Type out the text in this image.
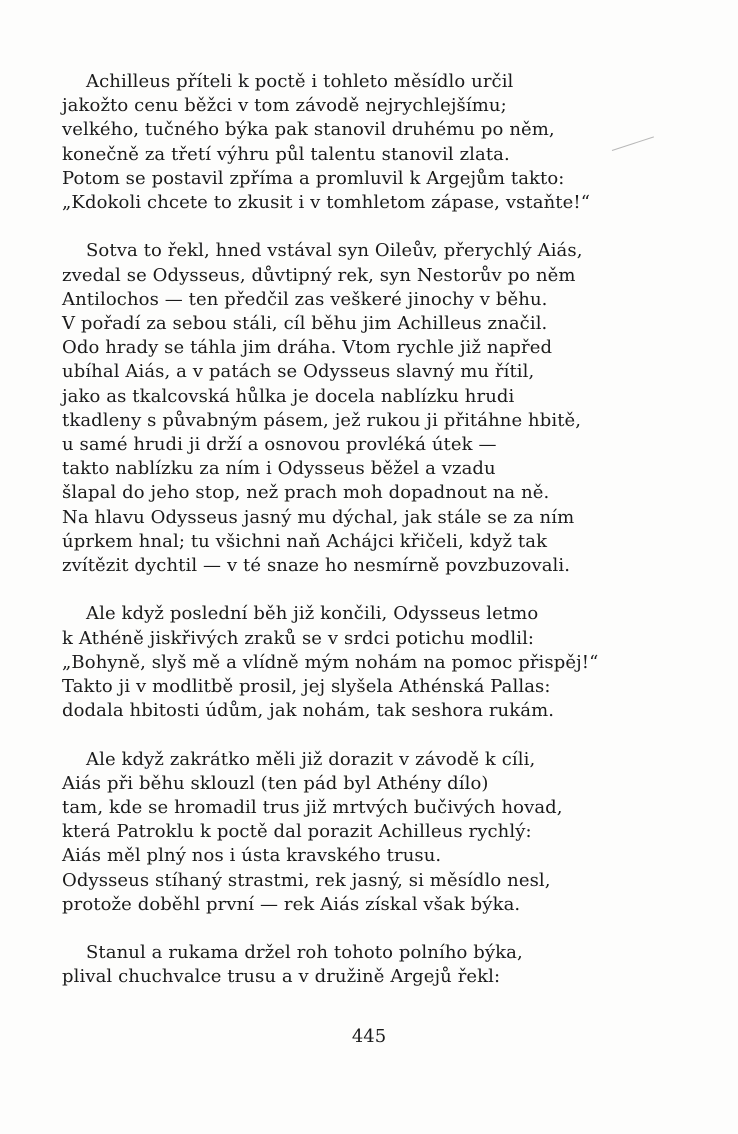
Achilleus příteli k poctě i tohleto měsídlo určil
jakožto cenu běžci v tom závodě nejrychlejšímu;
velkého, tučného býka pak stanovil druhému po něm,
konečně za třetí výhru půl talentu stanovil zlata.
Potom se postavil zpříma a promluvil k Argejům takto:
„Kdokoli chcete to zkusit i v tomhletom zápase, vstaňte!“
Sotva to řekl, hned vstával syn Oileův, přerychlý Aiás,
zvedal se Odysseus, důvtipný rek, syn Nestorův po něm
Antilochos — ten předčil zas veškeré jinochy v běhu.
V pořadí za sebou stáli, cíl běhu jim Achilleus značil.
Odo hrady se táhla jim dráha. Vtom rychle již napřed
ubíhal Aiás, a v patách se Odysseus slavný mu řítil,
jako as tkalcovská hůlka je docela nablízku hrudi
tkadleny s půvabným pásem, jež rukou ji přitáhne hbitě,
u samé hrudi ji drží a osnovou provléká útek —
takto nablízku za ním i Odysseus běžel a vzadu
šlapal do jeho stop, než prach moh dopadnout na ně.
Na hlavu Odysseus jasný mu dýchal, jak stále se za ním
úprkem hnal; tu všichni naň Achájci křičeli, když tak
zvítězit dychtil — v té snaze ho nesmírně povzbuzovali.
Ale když poslední běh již končili, Odysseus letmo
k Athéně jiskřivých zraků se v srdci potichu modlil:
„Bohyně, slyš mě a vlídně mým nohám na pomoc přispěj!“
Takto ji v modlitbě prosil, jej slyšela Athénská Pallas:
dodala hbitosti údům, jak nohám, tak seshora rukám.
Ale když zakrátko měli již dorazit v závodě k cíli,
Aiás při běhu sklouzl (ten pád byl Athény dílo)
tam, kde se hromadil trus již mrtvých bučivých hovad,
která Patroklu k poctě dal porazit Achilleus rychlý:
Aiás měl plný nos i ústa kravského trusu.
Odysseus stíhaný strastmi, rek jasný, si měsídlo nesl,
protože doběhl první — rek Aiás získal však býka.
Stanul a rukama držel roh tohoto polního býka,
plival chuchvalce trusu a v družině Argejů řekl:
445
